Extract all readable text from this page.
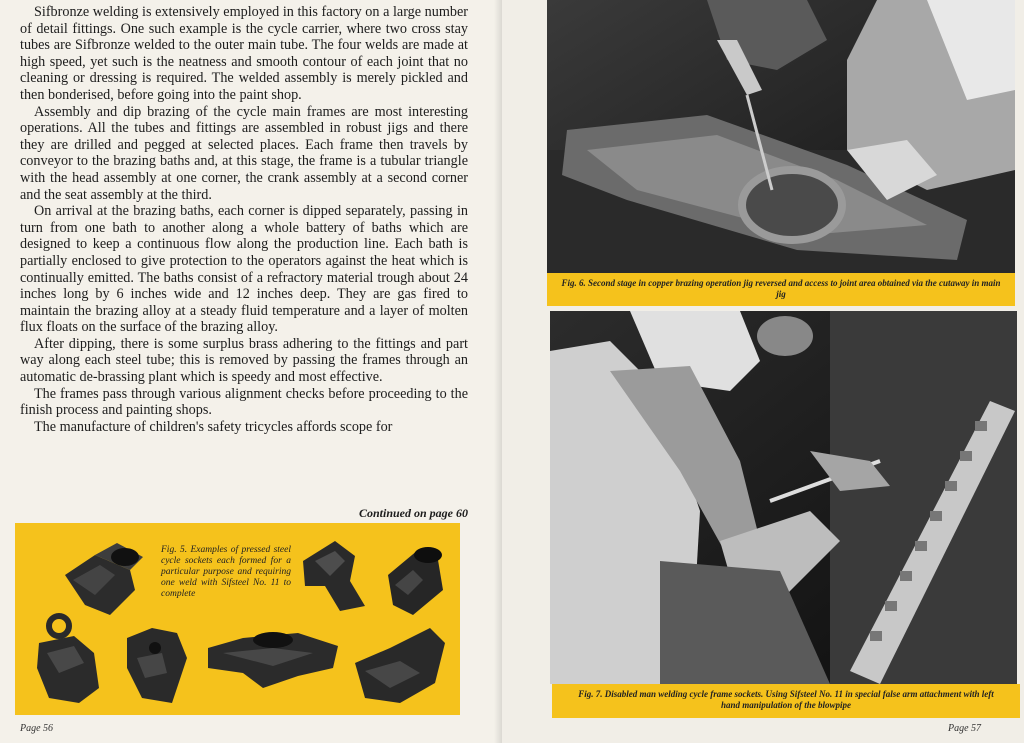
Sifbronze welding is extensively employed in this factory on a large number of detail fittings. One such example is the cycle carrier, where two cross stay tubes are Sifbronze welded to the outer main tube. The four welds are made at high speed, yet such is the neatness and smooth contour of each joint that no cleaning or dressing is required. The welded assembly is merely pickled and then bonderised, before going into the paint shop.

Assembly and dip brazing of the cycle main frames are most interesting operations. All the tubes and fittings are assembled in robust jigs and there they are drilled and pegged at selected places. Each frame then travels by conveyor to the brazing baths and, at this stage, the frame is a tubular triangle with the head assembly at one corner, the crank assembly at a second corner and the seat assembly at the third.

On arrival at the brazing baths, each corner is dipped separately, passing in turn from one bath to another along a whole battery of baths which are designed to keep a continuous flow along the production line. Each bath is partially enclosed to give protection to the operators against the heat which is continually emitted. The baths consist of a refractory material trough about 24 inches long by 6 inches wide and 12 inches deep. They are gas fired to maintain the brazing alloy at a steady fluid temperature and a layer of molten flux floats on the surface of the brazing alloy.

After dipping, there is some surplus brass adhering to the fittings and part way along each steel tube; this is removed by passing the frames through an automatic de-brassing plant which is speedy and most effective.

The frames pass through various alignment checks before proceeding to the finish process and painting shops.

The manufacture of children's safety tricycles affords scope for

Continued on page 60
Fig. 5. Examples of pressed steel cycle sockets each formed for a particular purpose and requiring one weld with Sifsteel No. 11 to complete
Page 56
Fig. 6. Second stage in copper brazing operation jig reversed and access to joint area obtained via the cutaway in main jig
Fig. 7. Disabled man welding cycle frame sockets. Using Sifsteel No. 11 in special false arm attachment with left hand manipulation of the blowpipe
Page 57
